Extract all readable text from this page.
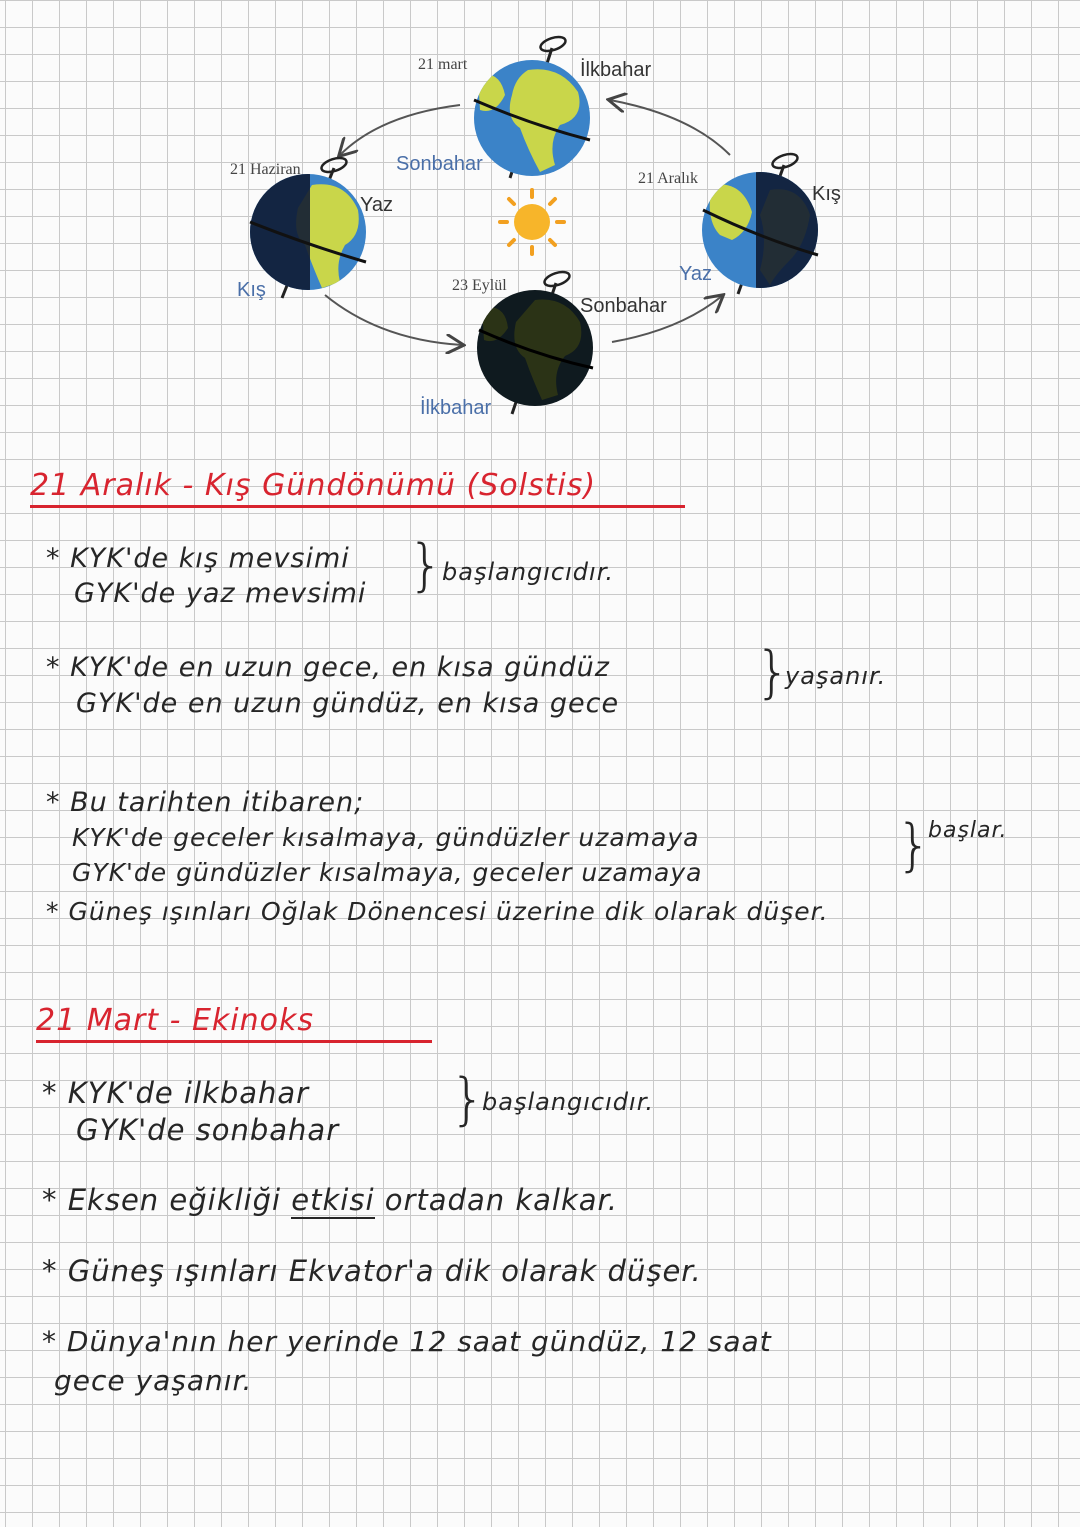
21 mart
21 Haziran
21 Aralık
23 Eylül
İlkbahar
Sonbahar
Yaz
Kış
Kış
Yaz
Sonbahar
İlkbahar
21 Aralık - Kış Gündönümü (Solstis)
* KYK'de kış mevsimi
GYK'de yaz mevsimi }
başlangıcıdır.
* KYK'de en uzun gece, en kısa gündüz
GYK'de en uzun gündüz, en kısa gece }
yaşanır.
* Bu tarihten itibaren;
KYK'de geceler kısalmaya, gündüzler uzamaya
GYK'de gündüzler kısalmaya, geceler uzamaya	}
başlar.
* Güneş ışınları Oğlak Dönencesi üzerine dik olarak düşer.
21 Mart - Ekinoks
* KYK'de ilkbahar
GYK'de sonbahar }
başlangıcıdır.
* Eksen eğikliği etkisi ortadan kalkar.
* Güneş ışınları Ekvator'a dik olarak düşer.
* Dünya'nın her yerinde 12 saat gündüz, 12 saat
gece yaşanır.
